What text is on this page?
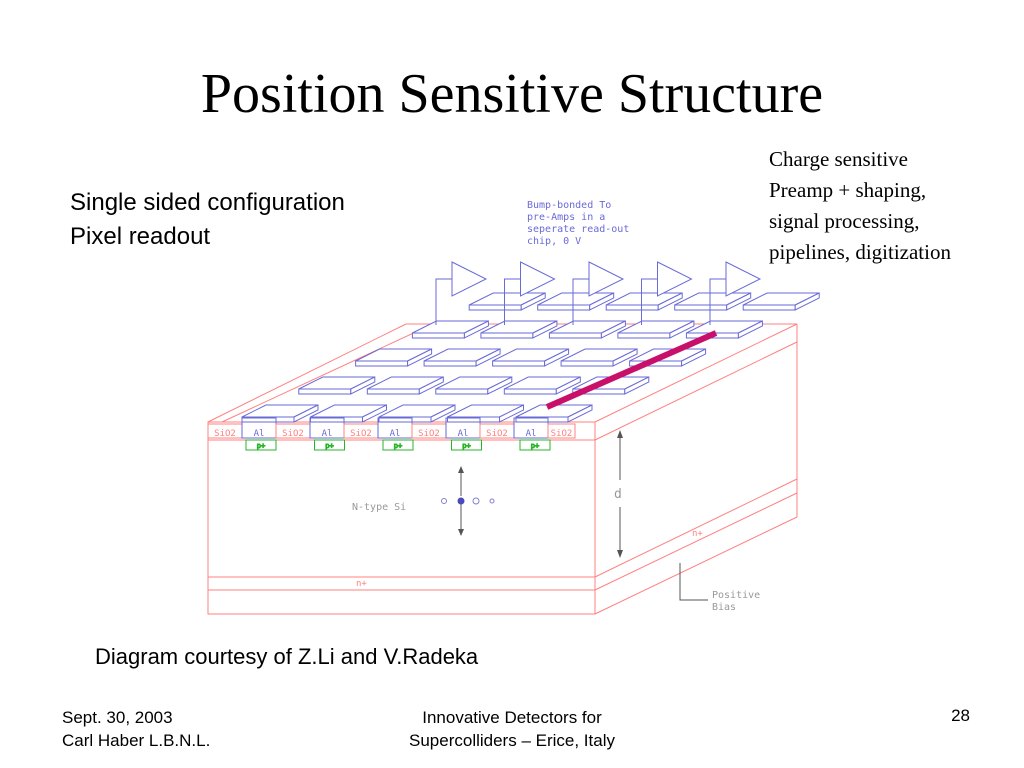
Position Sensitive Structure
Single sided configuration
Pixel readout
Charge sensitive
Preamp + shaping,
signal processing,
pipelines, digitization
SiO2 Al SiO2 Al SiO2 Al SiO2 Al SiO2 Al SiO2
p+	p+	p+	p+	p+
Bump-bonded To
pre-Amps in a
seperate read-out
chip, 0 V
N-type Si
d
n+
n+
Positive
Bias
Diagram courtesy of Z.Li and V.Radeka
Sept. 30, 2003
Carl Haber L.B.N.L.
Innovative Detectors for
Supercolliders – Erice, Italy
28
